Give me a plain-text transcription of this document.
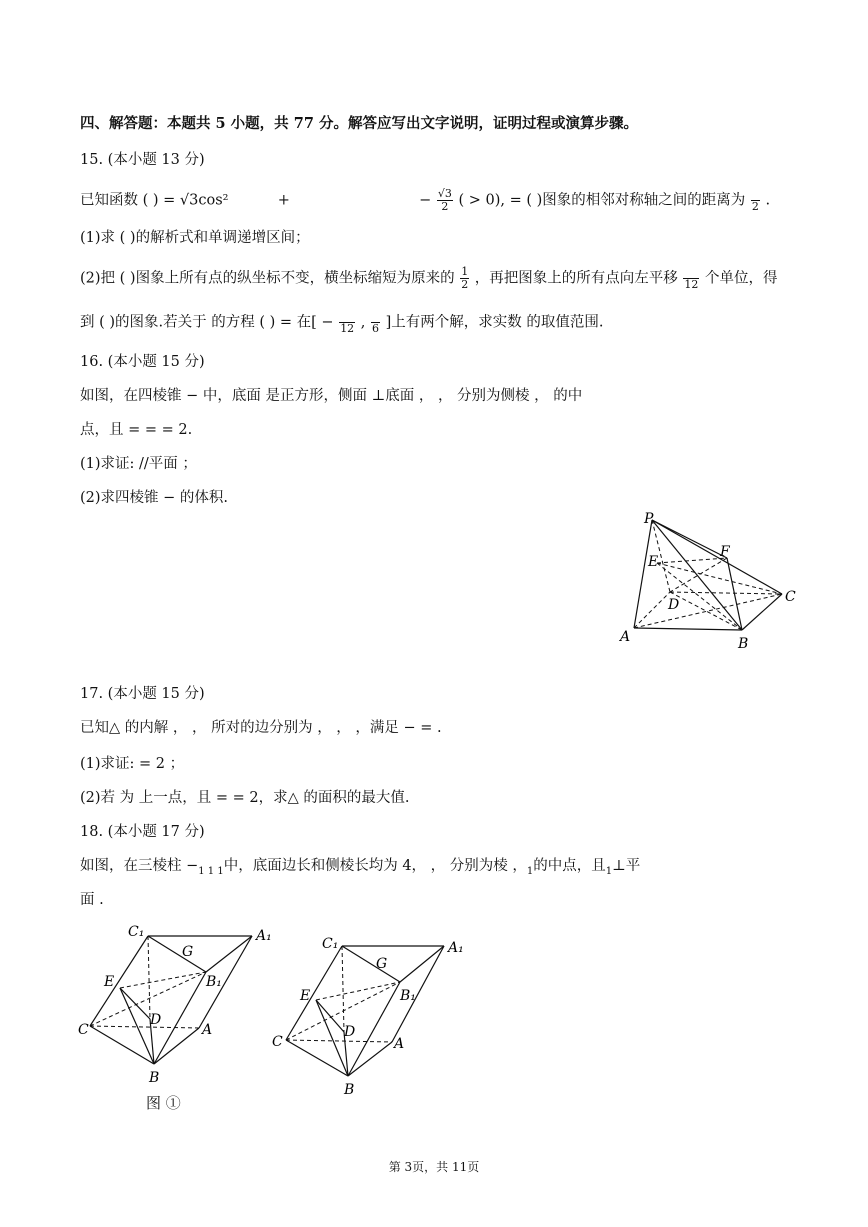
四、解答题：本题共 5 小题，共 77 分。解答应写出文字说明，证明过程或演算步骤。
15. (本小题 13 分)
已知函数 ( ) = √3cos²	+	− $\frac{√3}{2}$ ( > 0), = ( )图象的相邻对称轴之间的距离为
2 .
(1)求 ( )的解析式和单调递增区间；
(2)把 ( )图象上所有点的纵坐标不变，横坐标缩短为原来的 $\frac{1}{2}$ ，再把图象上的所有点向左平移
12 个单位，得
到 ( )的图象.若关于 的方程 ( ) = 在[ −
12 ,
6 ]上有两个解，求实数 的取值范围.
16. (本小题 15 分)
如图，在四棱锥 − 中，底面 是正方形，侧面 ⊥底面 ， ， 分别为侧棱 ， 的中
点，且 = = = 2.
(1)求证: //平面 ；
(2)求四棱锥 − 的体积.
P
E
F
D	C
A	B
17. (本小题 15 分)
已知△ 的内解 ， ， 所对的边分别为 ， ， ，满足 − = .
(1)求证: = 2 ；
(2)若 为 上一点，且 = = 2，求△ 的面积的最大值.
18. (本小题 17 分)
如图，在三棱柱 $-_{1 1 1}$中，底面边长和侧棱长均为 4， ， 分别为棱 ，$_1$的中点，且$_1$⊥平
面 .
C₁	A₁
G
B₁
E
D
C	A
B
图 ①
C₁	A₁
G
B₁
E
D
C	A
B
第 3页，共 11页
